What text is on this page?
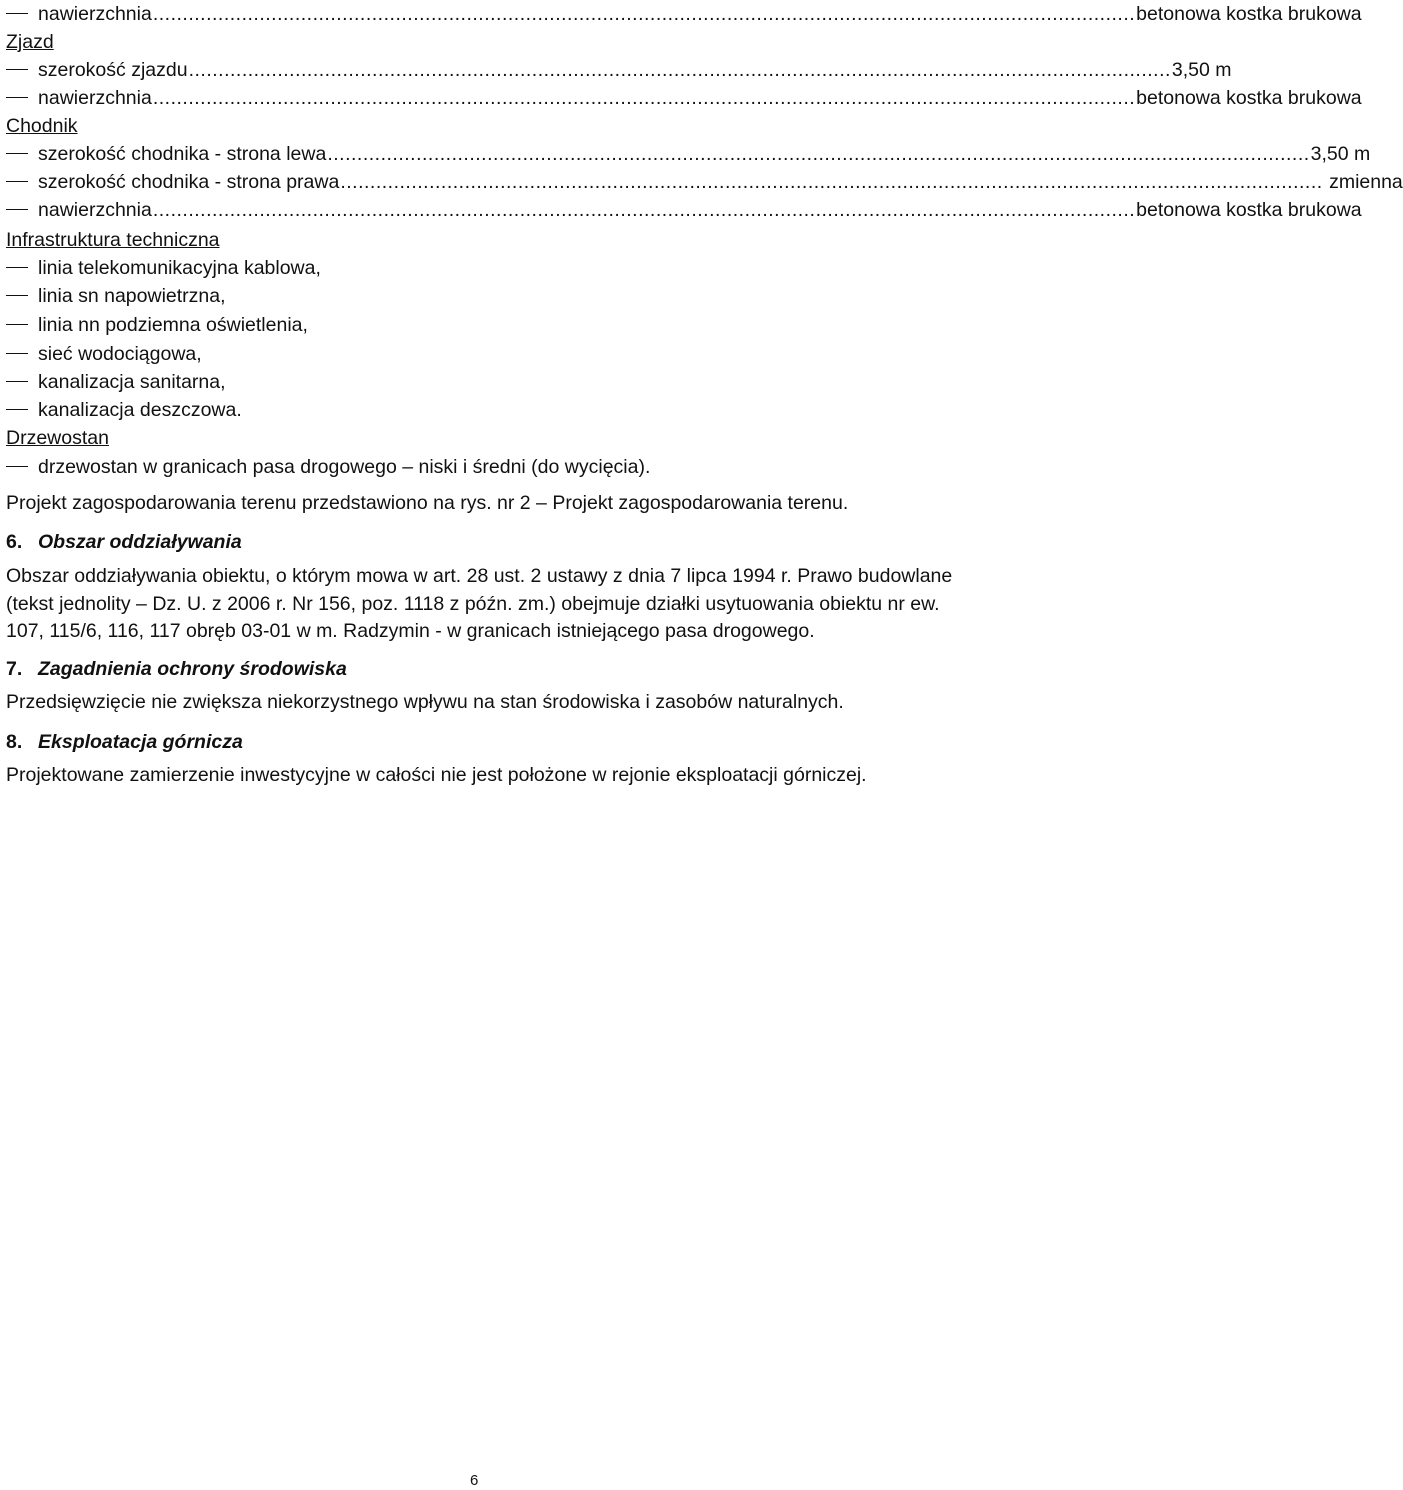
nawierzchnia ...................................................................................................................................................................... betonowa kostka brukowa
Zjazd
szerokość zjazdu ...................................................................................................................................................................... 3,50 m
nawierzchnia ...................................................................................................................................................................... betonowa kostka brukowa
Chodnik
szerokość chodnika - strona lewa ...................................................................................................................................................................... 3,50 m
szerokość chodnika - strona prawa ...................................................................................................................................................................... zmienna
nawierzchnia ...................................................................................................................................................................... betonowa kostka brukowa
Infrastruktura techniczna
linia telekomunikacyjna kablowa,
linia sn napowietrzna,
linia nn podziemna oświetlenia,
sieć wodociągowa,
kanalizacja sanitarna,
kanalizacja deszczowa.
Drzewostan
drzewostan w granicach pasa drogowego – niski i średni (do wycięcia).
Projekt zagospodarowania terenu przedstawiono na rys. nr 2 – Projekt zagospodarowania terenu.
6. Obszar oddziaływania
Obszar oddziaływania obiektu, o którym mowa w art. 28 ust. 2 ustawy z dnia 7 lipca 1994 r. Prawo budowlane
(tekst jednolity – Dz. U. z 2006 r. Nr 156, poz. 1118 z późn. zm.) obejmuje działki usytuowania obiektu nr ew.
107, 115/6, 116, 117 obręb 03-01 w m. Radzymin - w granicach istniejącego pasa drogowego.
7. Zagadnienia ochrony środowiska
Przedsięwzięcie nie zwiększa niekorzystnego wpływu na stan środowiska i zasobów naturalnych.
8. Eksploatacja górnicza
Projektowane zamierzenie inwestycyjne w całości nie jest położone w rejonie eksploatacji górniczej.
6
